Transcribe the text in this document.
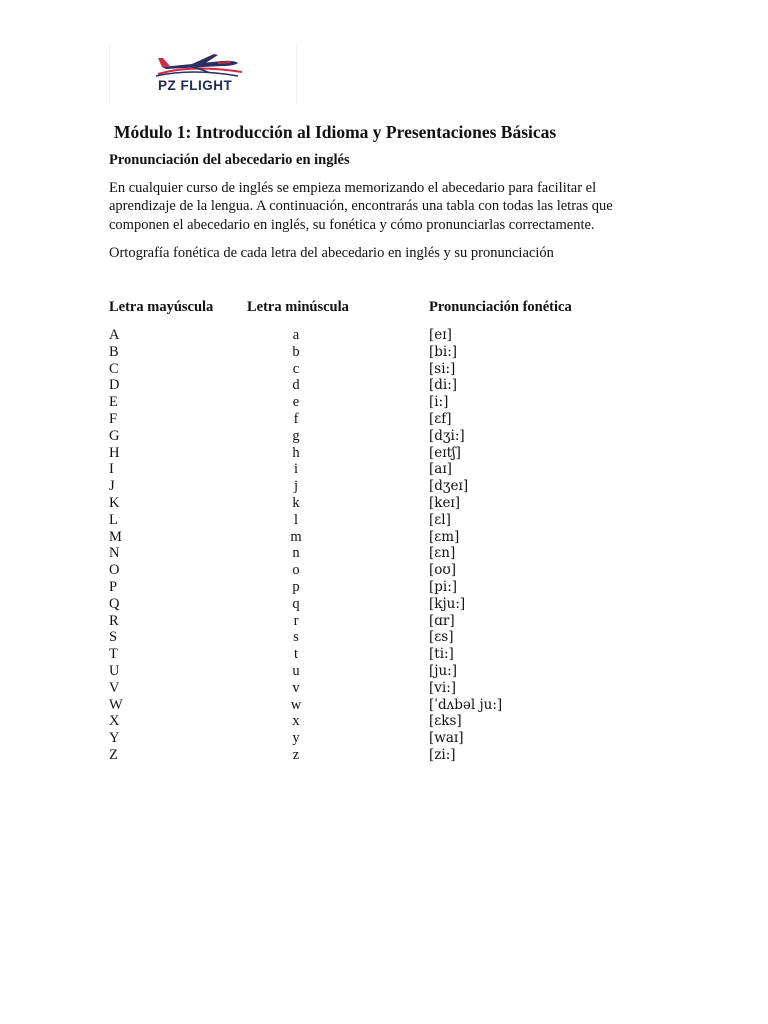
PZ FLIGHT
Módulo 1: Introducción al Idioma y Presentaciones Básicas
Pronunciación del abecedario en inglés

En cualquier curso de inglés se empieza memorizando el abecedario para facilitar el
aprendizaje de la lengua. A continuación, encontrarás una tabla con todas las letras que
componen el abecedario en inglés, su fonética y cómo pronunciarlas correctamente.

Ortografía fonética de cada letra del abecedario en inglés y su pronunciación
Letra mayúscula Letra minúscula	Pronunciación fonética
A	a	[eɪ]
B	b	[bi:]
C	c	[si:]
D	d	[di:]
E	e	[i:]
F	f	[ɛf]
G	g	[dʒi:]
H	h	[eɪtʃ]
I	i	[aɪ]
J	j	[dʒeɪ]
K	k	[keɪ]
L	l	[ɛl]
M	m	[ɛm]
N	n	[ɛn]
O	o	[oʊ]
P	p	[pi:]
Q	q	[kju:]
R	r	[ɑr]
S	s	[ɛs]
T	t	[ti:]
U	u	[ju:]
V	v	[vi:]
W	w	[ˈdʌbəl ju:]
X	x	[ɛks]
Y	y	[waɪ]
Z	z	[zi:]
